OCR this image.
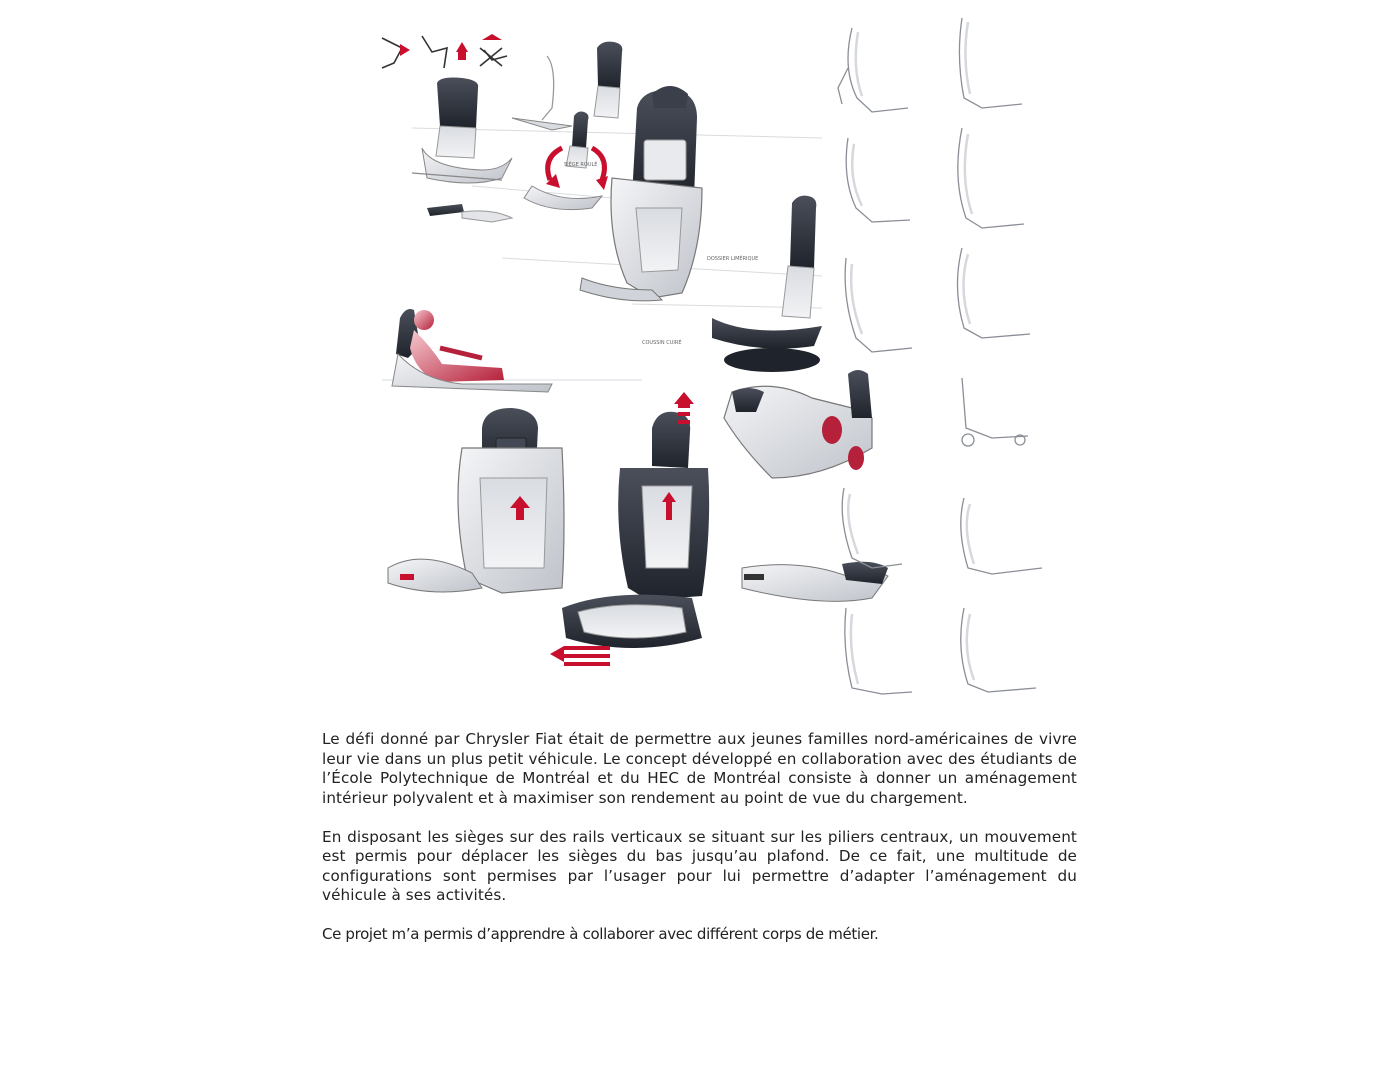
SIÈGE ROULÉ
DOSSIER LIMÉRIQUE
COUSSIN CUIRÉ

Le défi donné par Chrysler Fiat était de permettre aux jeunes familles nord-américaines de vivre leur vie dans un plus petit véhicule. Le concept développé en collaboration avec des étudiants de l’École Polytechnique de Montréal et du HEC de Montréal consiste à donner un aménagement intérieur polyvalent et à maximiser son rendement au point de vue du chargement.

En disposant les sièges sur des rails verticaux se situant sur les piliers centraux, un mouvement est permis pour déplacer les sièges du bas jusqu’au plafond. De ce fait, une multitude de configurations sont permises par l’usager pour lui permettre d’adapter l’aménagement du véhicule à ses activités.

Ce projet m’a permis d’apprendre à collaborer avec différent corps de métier.
